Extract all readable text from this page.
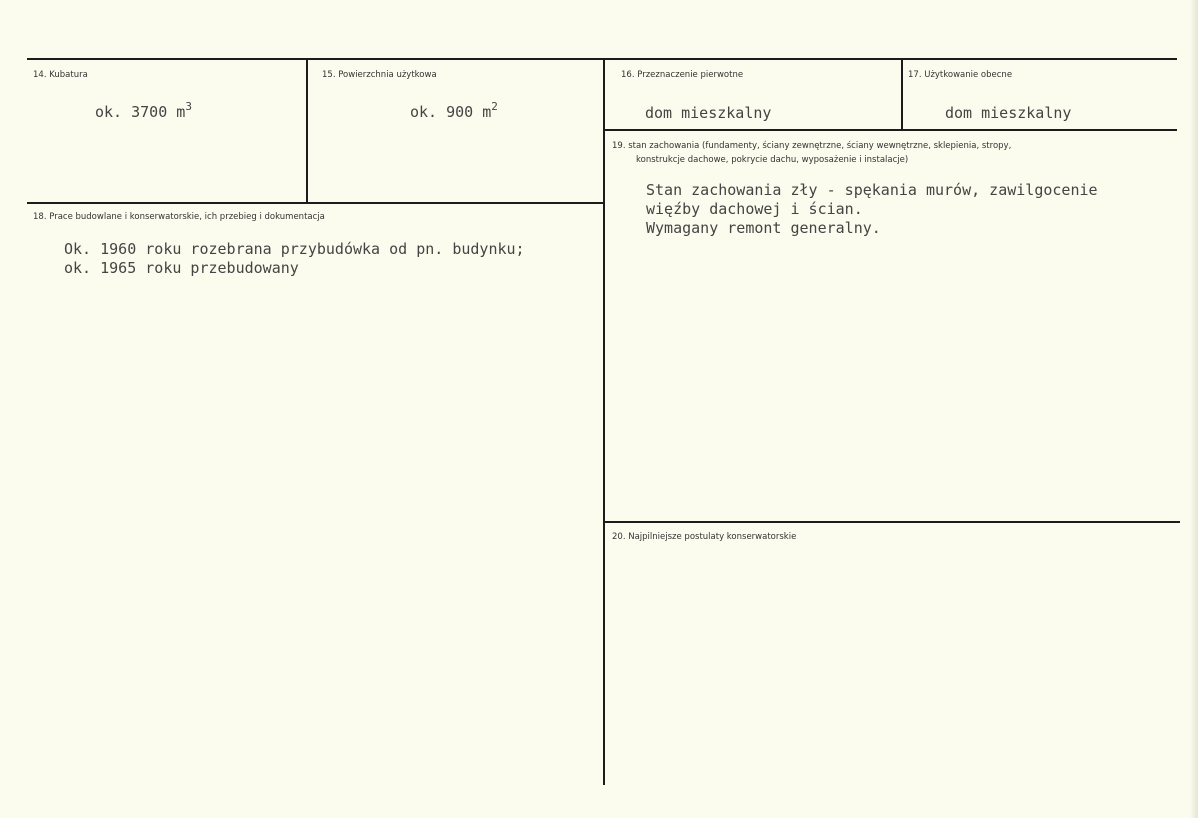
14. Kubatura
ok. 3700 $m^3$
15. Powierzchnia użytkowa
ok. 900 $m^2$
16. Przeznaczenie pierwotne
dom mieszkalny
17. Użytkowanie obecne
dom mieszkalny
18. Prace budowlane i konserwatorskie, ich przebieg i dokumentacja
Ok. 1960 roku rozebrana przybudówka od pn. budynku;
ok. 1965 roku przebudowany
19. stan zachowania (fundamenty, ściany zewnętrzne, ściany wewnętrzne, sklepienia, stropy,
konstrukcje dachowe, pokrycie dachu, wyposażenie i instalacje)
Stan zachowania zły - spękania murów, zawilgocenie
więźby dachowej i ścian.
Wymagany remont generalny.
20. Najpilniejsze postulaty konserwatorskie
